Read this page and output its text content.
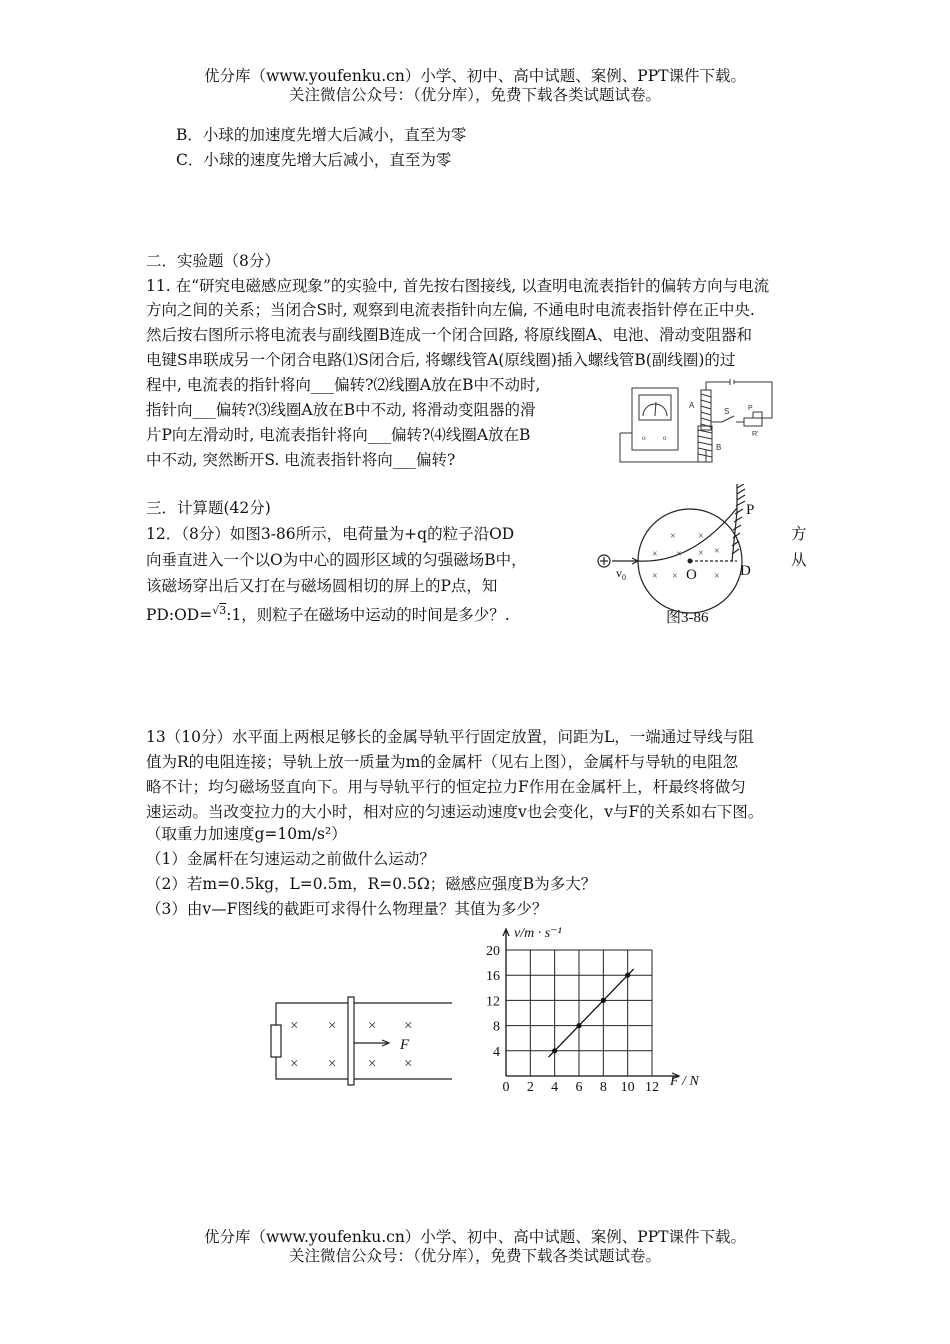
优分库（www.youfenku.cn）小学、初中、高中试题、案例、PPT课件下载。
关注微信公众号：（优分库），免费下载各类试题试卷。
B．小球的加速度先增大后减小，直至为零
C．小球的速度先增大后减小，直至为零
二．实验题（8分）
11. 在“研究电磁感应现象”的实验中, 首先按右图接线, 以查明电流表指针的偏转方向与电流
方向之间的关系；当闭合S时, 观察到电流表指针向左偏, 不通电时电流表指针停在正中央.
然后按右图所示将电流表与副线圈B连成一个闭合回路, 将原线圈A、电池、滑动变阻器和
电键S串联成另一个闭合电路⑴S闭合后, 将螺线管A(原线圈)插入螺线管B(副线圈)的过
程中, 电流表的指针将向___偏转?⑵线圈A放在B中不动时,
指针向___偏转?⑶线圈A放在B中不动, 将滑动变阻器的滑
片P向左滑动时, 电流表指针将向___偏转?⑷线圈A放在B
中不动, 突然断开S. 电流表指针将向___偏转?
A
B
S	P
R'
o	o
三．计算题(42分)
12．（8分）如图3-86所示，电荷量为+q的粒子沿OD	方
向垂直进入一个以O为中心的圆形区域的匀强磁场B中，	从
该磁场穿出后又打在与磁场圆相切的屏上的P点，知
PD:OD=$^{√3}$:1，则粒子在磁场中运动的时间是多少？.
× ×
× × × ×
× ×	×
P
D
O
$v_0$
图3-86
13（10分）水平面上两根足够长的金属导轨平行固定放置，问距为L，一端通过导线与阻
值为R的电阻连接；导轨上放一质量为m的金属杆（见右上图），金属杆与导轨的电阻忽
略不计；均匀磁场竖直向下。用与导轨平行的恒定拉力F作用在金属杆上，杆最终将做匀
速运动。当改变拉力的大小时，相对应的匀速运动速度v也会变化，v与F的关系如右下图。
（取重力加速度g=10m/s²）
（1）金属杆在匀速运动之前做什么运动？
（2）若m=0.5kg，L=0.5m，R=0.5Ω；磁感应强度B为多大？
（3）由v—F图线的截距可求得什么物理量？其值为多少？
× × × ×
× × × ×
F
0 2 4 6 8 10 12
4
8
12
16
20
v/m · s⁻¹
F / N
优分库（www.youfenku.cn）小学、初中、高中试题、案例、PPT课件下载。
关注微信公众号：（优分库），免费下载各类试题试卷。
